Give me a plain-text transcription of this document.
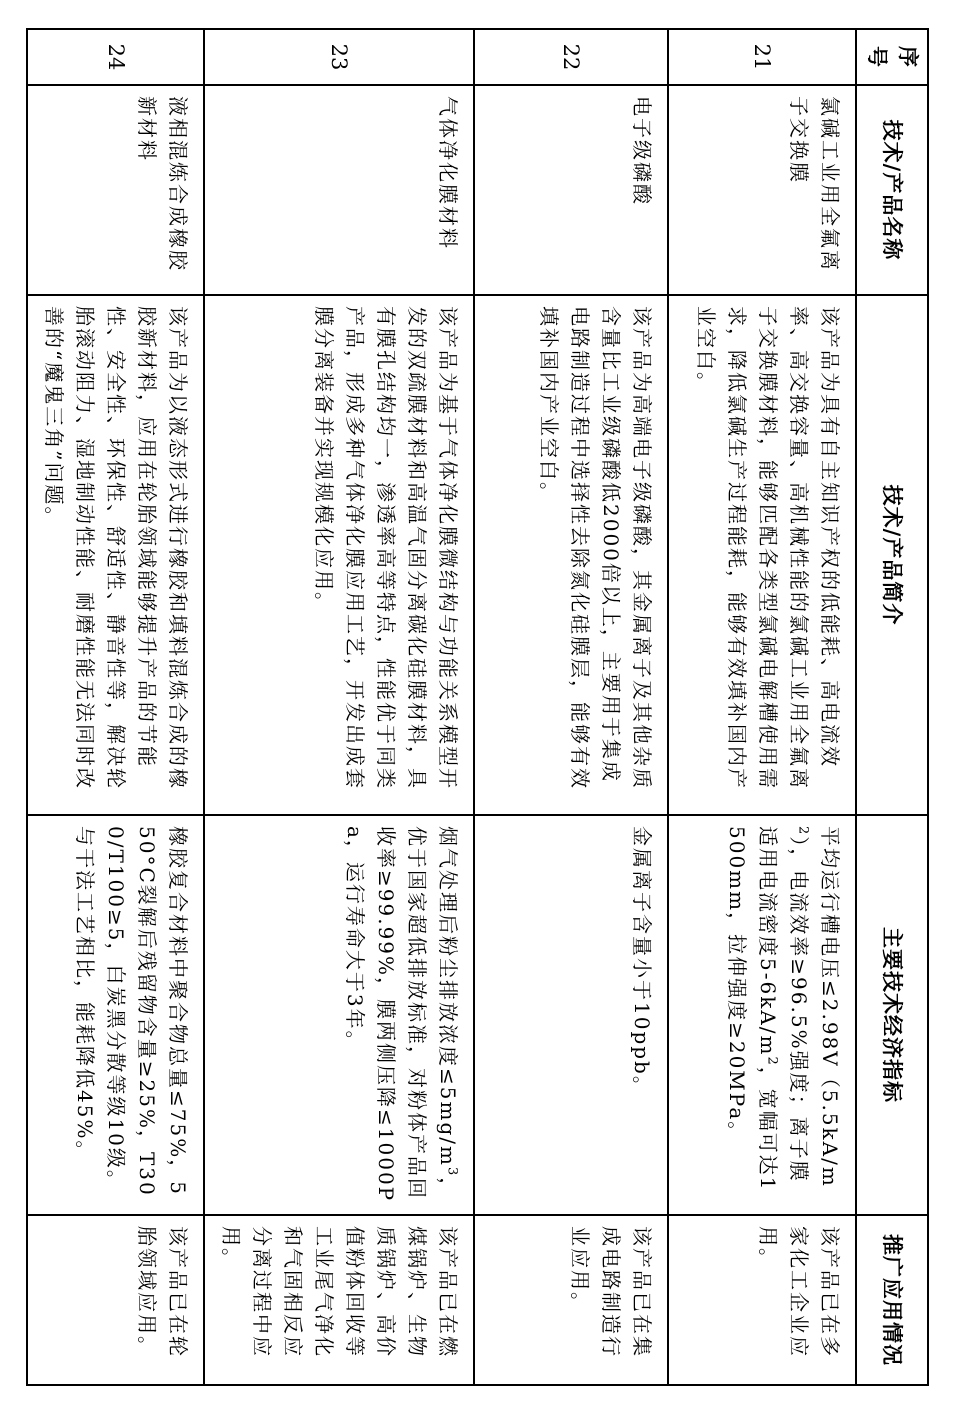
序号	技术/产品名称	技术/产品简介	主要技术经济指标	推广应用情况
21	氯碱工业用全氟离子交换膜	该产品为具有自主知识产权的低能耗、高电流效率、高交换容量、高机械性能的氯碱工业用全氟离子交换膜材料，能够匹配各类型氯碱电解槽使用需求，降低氯碱生产过程能耗，能够有效填补国内产业空白。	平均运行槽电压$\le 2.98V(5.5kA/m^2)$，电流效率≥96.5%强度；离子膜适用电流密度$5-6kA/m^2$，宽幅可达1500mm，拉伸强度≥20MPa。	该产品已在多家化工企业应用。
22	电子级磷酸	该产品为高端电子级磷酸，其金属离子及其他杂质含量比工业级磷酸低2000倍以上，主要用于集成电路制造过程中选择性去除氮化硅膜层，能够有效填补国内产业空白。	金属离子含量小于10ppb。	该产品已在集成电路制造行业应用。
23	气体净化膜材料	该产品为基于气体净化膜微结构与功能关系模型开发的双疏膜材料和高温气固分离碳化硅膜材料，具有膜孔结构均一，渗透率高等特点，性能优于同类产品，形成多种气体净化膜应用工艺，开发出成套膜分离装备并实现规模化应用。	烟气处理后粉尘排放浓度$\le 5mg/m^3$，优于国家超低排放标准，对粉体产品回收率≥99.99%，膜两侧压降≤1000Pa，运行寿命大于3年。	该产品已在燃煤锅炉、生物质锅炉、高价值粉体回收等工业尾气净化和气固相反应分离过程中应用。
24	液相混炼合成橡胶新材料	该产品为以液态形式进行橡胶和填料混炼合成的橡胶新材料，应用在轮胎领域能够提升产品的节能性、安全性、环保性、舒适性、静音性等，解决轮胎滚动阻力、湿地制动性能、耐磨性能无法同时改善的“魔鬼三角”问题。	橡胶复合材料中聚合物总量≤75%，550°C裂解后残留物含量≥25%，T300/T100≥5，白炭黑分散等级10级。与干法工艺相比，能耗降低45%。	该产品已在轮胎领域应用。
